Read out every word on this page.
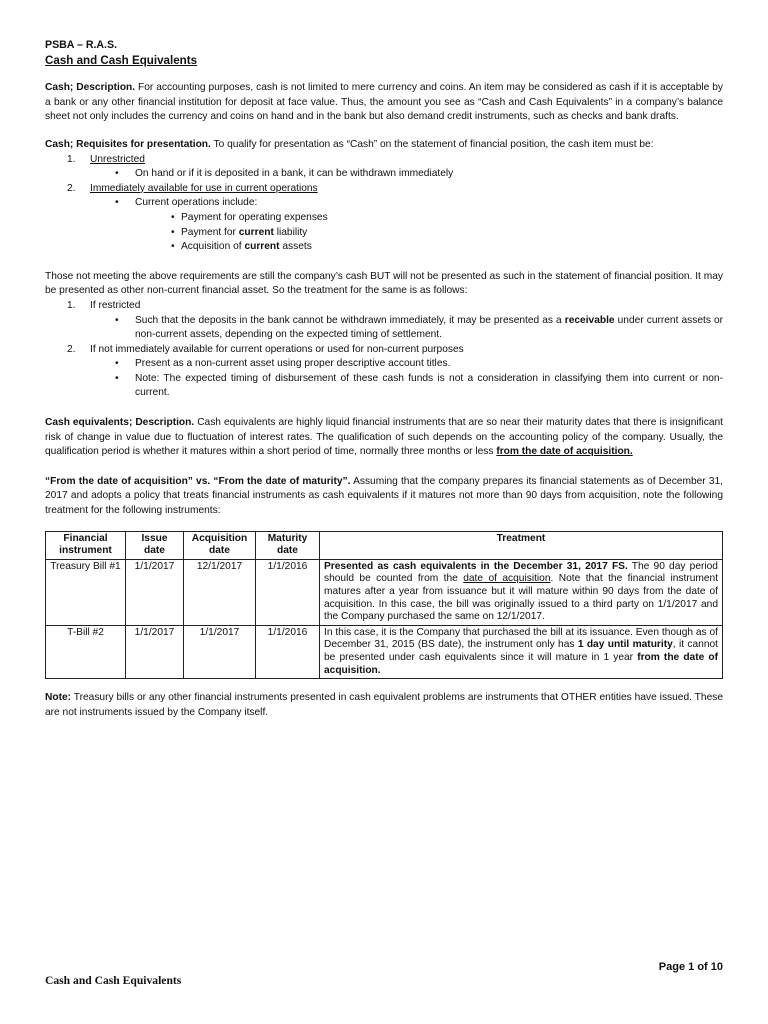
PSBA – R.A.S.
Cash and Cash Equivalents

Cash; Description. For accounting purposes, cash is not limited to mere currency and coins. An item may be considered as cash if it is acceptable by a bank or any other financial institution for deposit at face value. Thus, the amount you see as “Cash and Cash Equivalents” in a company’s balance sheet not only includes the currency and coins on hand and in the bank but also demand credit instruments, such as checks and bank drafts.

Cash; Requisites for presentation. To qualify for presentation as “Cash” on the statement of financial position, the cash item must be:

1.	Unrestricted
•	On hand or if it is deposited in a bank, it can be withdrawn immediately
2.	Immediately available for use in current operations
•	Current operations include:
• Payment for operating expenses
• Payment for current liability
• Acquisition of current assets

Those not meeting the above requirements are still the company’s cash BUT will not be presented as such in the statement of financial position. It may be presented as other non-current financial asset. So the treatment for the same is as follows:

1.	If restricted
•	Such that the deposits in the bank cannot be withdrawn immediately, it may be presented as a receivable under current assets or non-current assets, depending on the expected timing of settlement.
2.	If not immediately available for current operations or used for non-current purposes
•	Present as a non-current asset using proper descriptive account titles.
•	Note: The expected timing of disbursement of these cash funds is not a consideration in classifying them into current or non-current.

Cash equivalents; Description. Cash equivalents are highly liquid financial instruments that are so near their maturity dates that there is insignificant risk of change in value due to fluctuation of interest rates. The qualification of such depends on the accounting policy of the company. Usually, the qualification period is whether it matures within a short period of time, normally three months or less from the date of acquisition.

“From the date of acquisition” vs. “From the date of maturity”. Assuming that the company prepares its financial statements as of December 31, 2017 and adopts a policy that treats financial instruments as cash equivalents if it matures not more than 90 days from acquisition, note the following treatment for the following instruments:

Financial instrument	Issue date	Acquisition date	Maturity date	Treatment
Treasury Bill #1	1/1/2017	12/1/2017	1/1/2016	Presented as cash equivalents in the December 31, 2017 FS. The 90 day period should be counted from the date of acquisition. Note that the financial instrument matures after a year from issuance but it will mature within 90 days from the date of acquisition. In this case, the bill was originally issued to a third party on 1/1/2017 and the Company purchased the same on 12/1/2017.
T-Bill #2	1/1/2017	1/1/2017	1/1/2016	In this case, it is the Company that purchased the bill at its issuance. Even though as of December 31, 2015 (BS date), the instrument only has 1 day until maturity, it cannot be presented under cash equivalents since it will mature in 1 year from the date of acquisition.

Note: Treasury bills or any other financial instruments presented in cash equivalent problems are instruments that OTHER entities have issued. These are not instruments issued by the Company itself.

Page 1 of 10
Cash and Cash Equivalents
